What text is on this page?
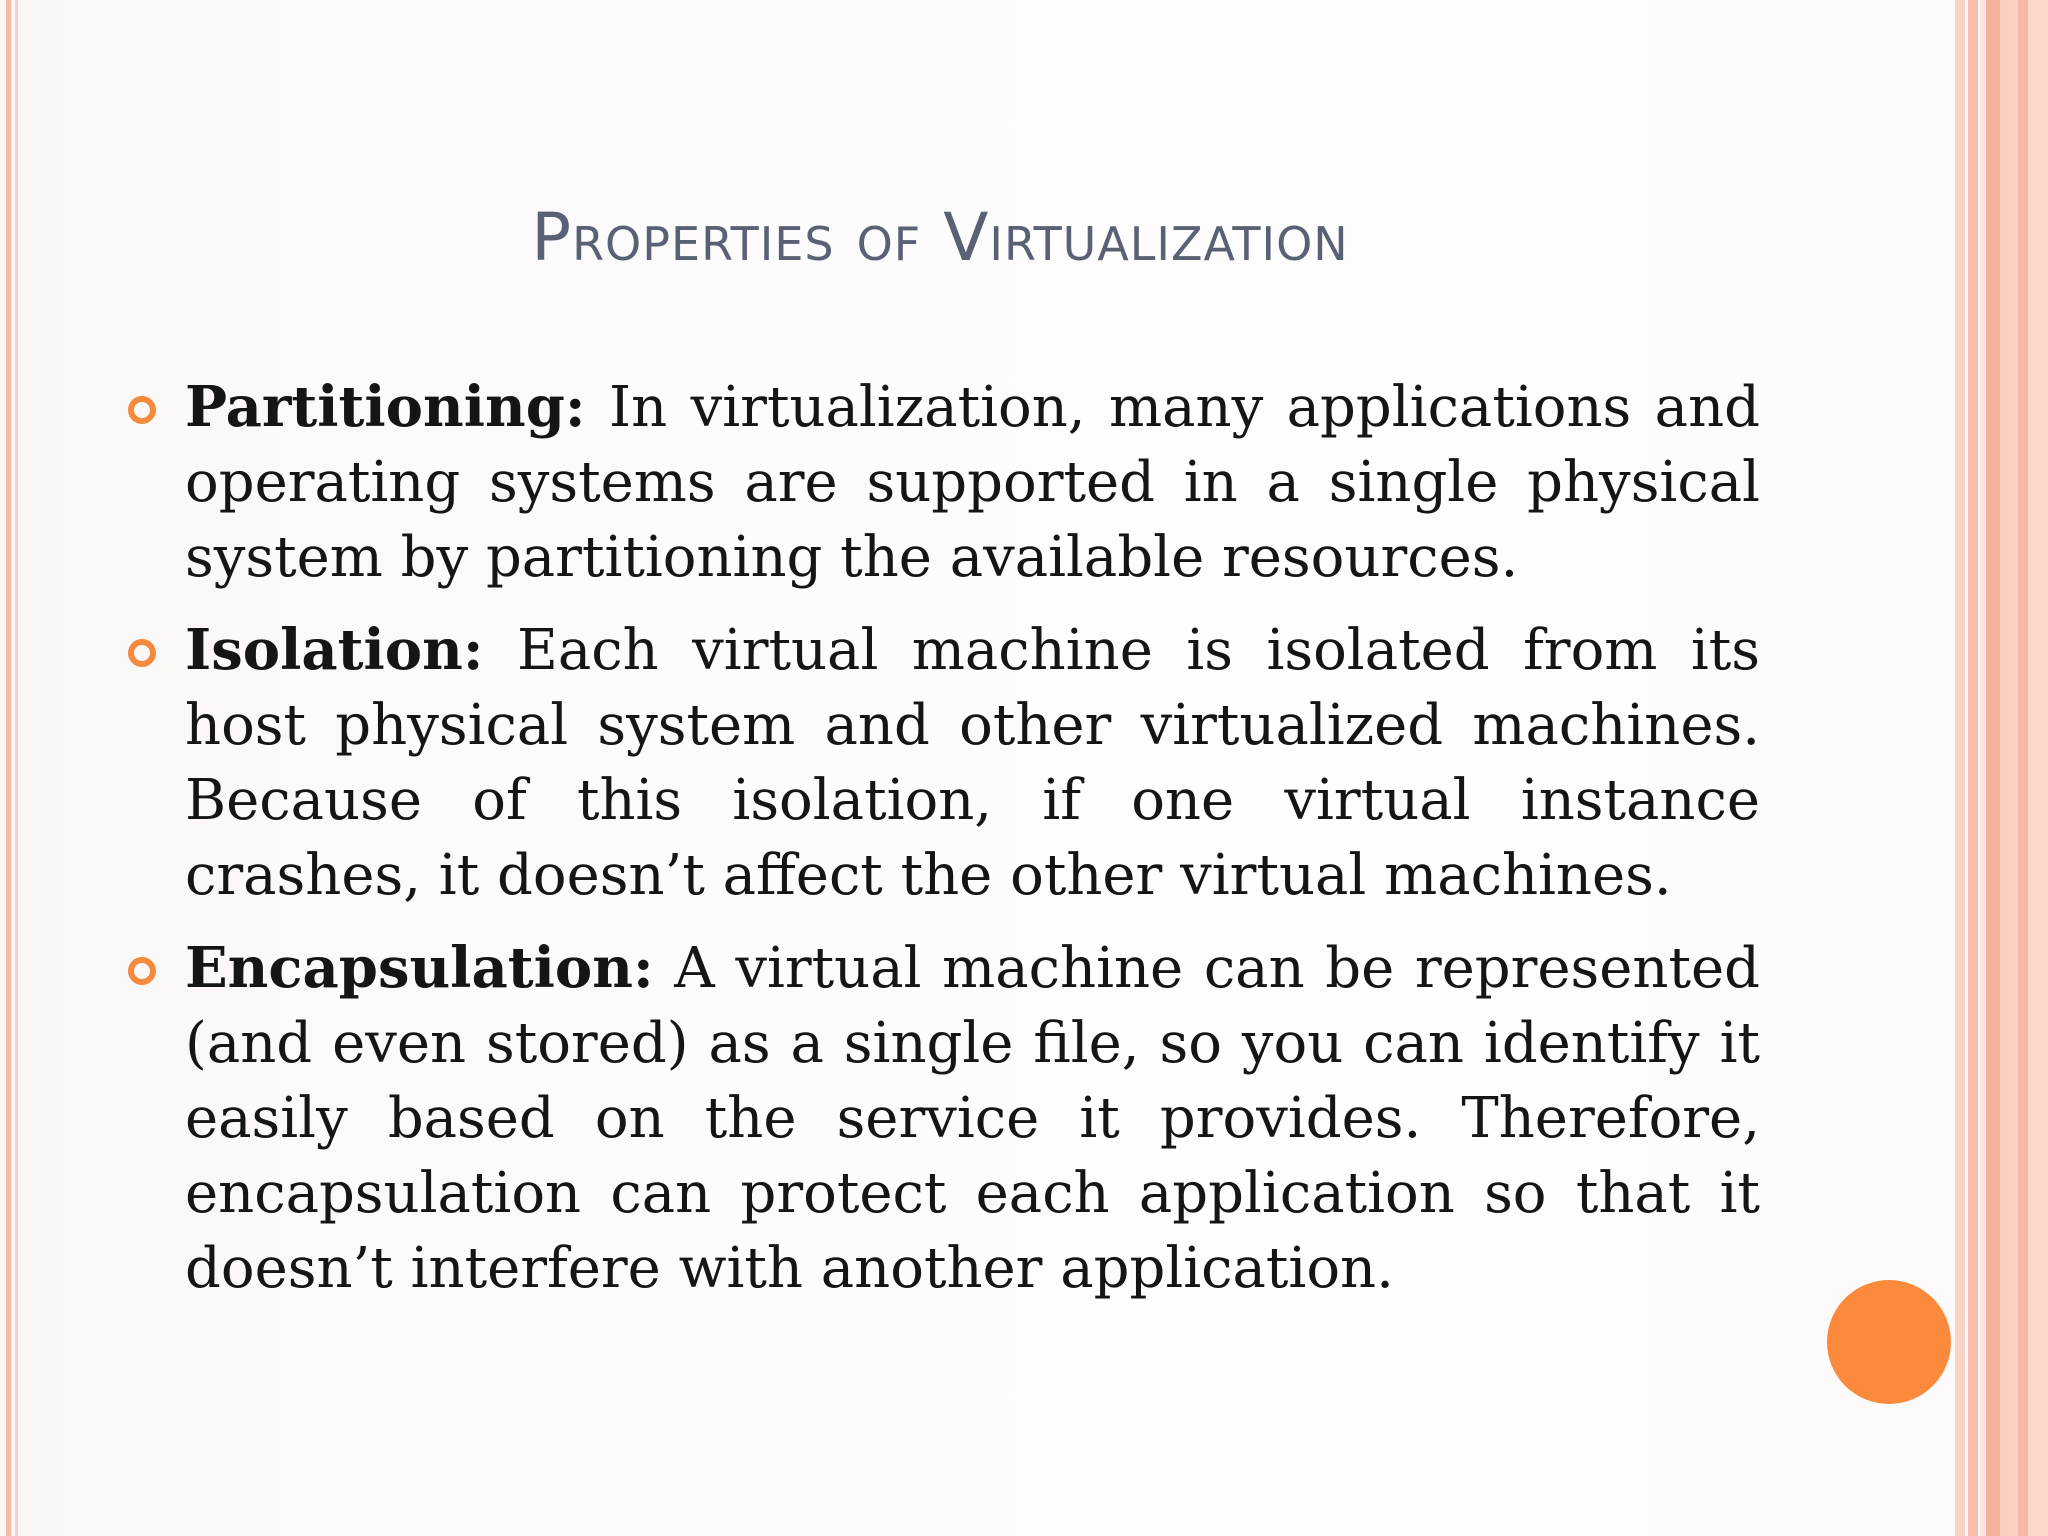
Properties of Virtualization
Partitioning: In virtualization, many applications and operating systems are supported in a single physical system by partitioning the available resources.
Isolation: Each virtual machine is isolated from its host physical system and other virtualized machines. Because of this isolation, if one virtual instance crashes, it doesn’t affect the other virtual machines.
Encapsulation: A virtual machine can be represented (and even stored) as a single file, so you can identify it easily based on the service it provides. Therefore, encapsulation can protect each application so that it doesn’t interfere with another application.
